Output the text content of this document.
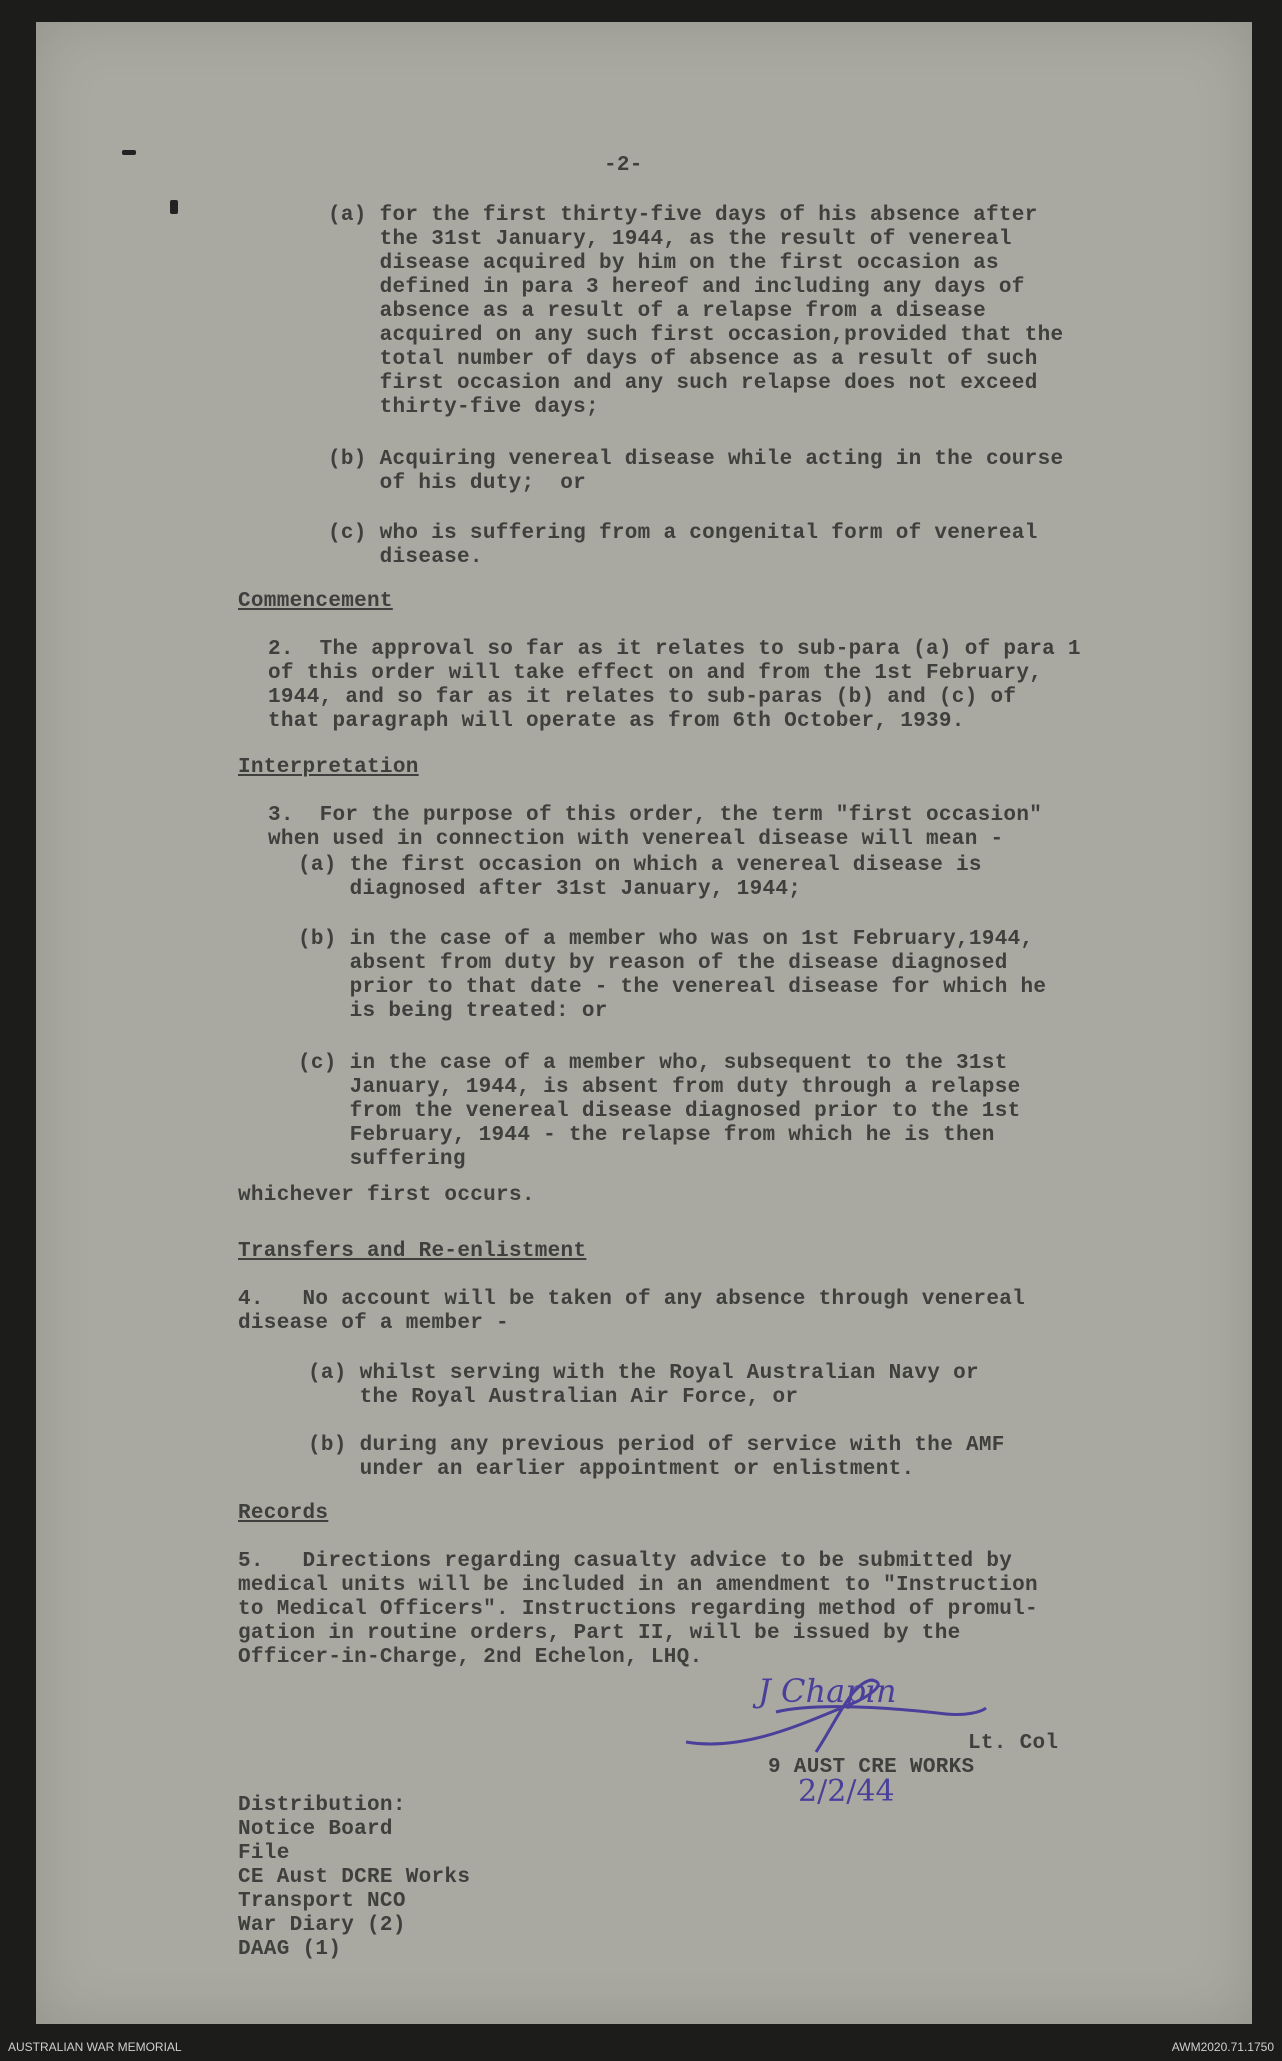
-2-
(a) for the first thirty-five days of his absence after
the 31st January, 1944, as the result of venereal
disease acquired by him on the first occasion as
defined in para 3 hereof and including any days of
absence as a result of a relapse from a disease
acquired on any such first occasion,provided that the
total number of days of absence as a result of such
first occasion and any such relapse does not exceed
thirty-five days;
(b) Acquiring venereal disease while acting in the course
of his duty;  or
(c) who is suffering from a congenital form of venereal
disease.
Commencement
2.  The approval so far as it relates to sub-para (a) of para 1
of this order will take effect on and from the 1st February,
1944, and so far as it relates to sub-paras (b) and (c) of
that paragraph will operate as from 6th October, 1939.
Interpretation
3.  For the purpose of this order, the term "first occasion"
when used in connection with venereal disease will mean -
(a) the first occasion on which a venereal disease is
diagnosed after 31st January, 1944;
(b) in the case of a member who was on 1st February,1944,
absent from duty by reason of the disease diagnosed
prior to that date - the venereal disease for which he
is being treated: or
(c) in the case of a member who, subsequent to the 31st
January, 1944, is absent from duty through a relapse
from the venereal disease diagnosed prior to the 1st
February, 1944 - the relapse from which he is then
suffering
whichever first occurs.
Transfers and Re-enlistment
4.   No account will be taken of any absence through venereal
disease of a member -
(a) whilst serving with the Royal Australian Navy or
the Royal Australian Air Force, or
(b) during any previous period of service with the AMF
under an earlier appointment or enlistment.
Records
5.   Directions regarding casualty advice to be submitted by
medical units will be included in an amendment to "Instruction
to Medical Officers". Instructions regarding method of promul-
gation in routine orders, Part II, will be issued by the
Officer-in-Charge, 2nd Echelon, LHQ.
J Chapin
Lt. Col
9 AUST CRE WORKS
2/2/44
Distribution:
Notice Board
File
CE Aust DCRE Works
Transport NCO
War Diary (2)
DAAG (1)
AUSTRALIAN WAR MEMORIAL	AWM2020.71.1750
